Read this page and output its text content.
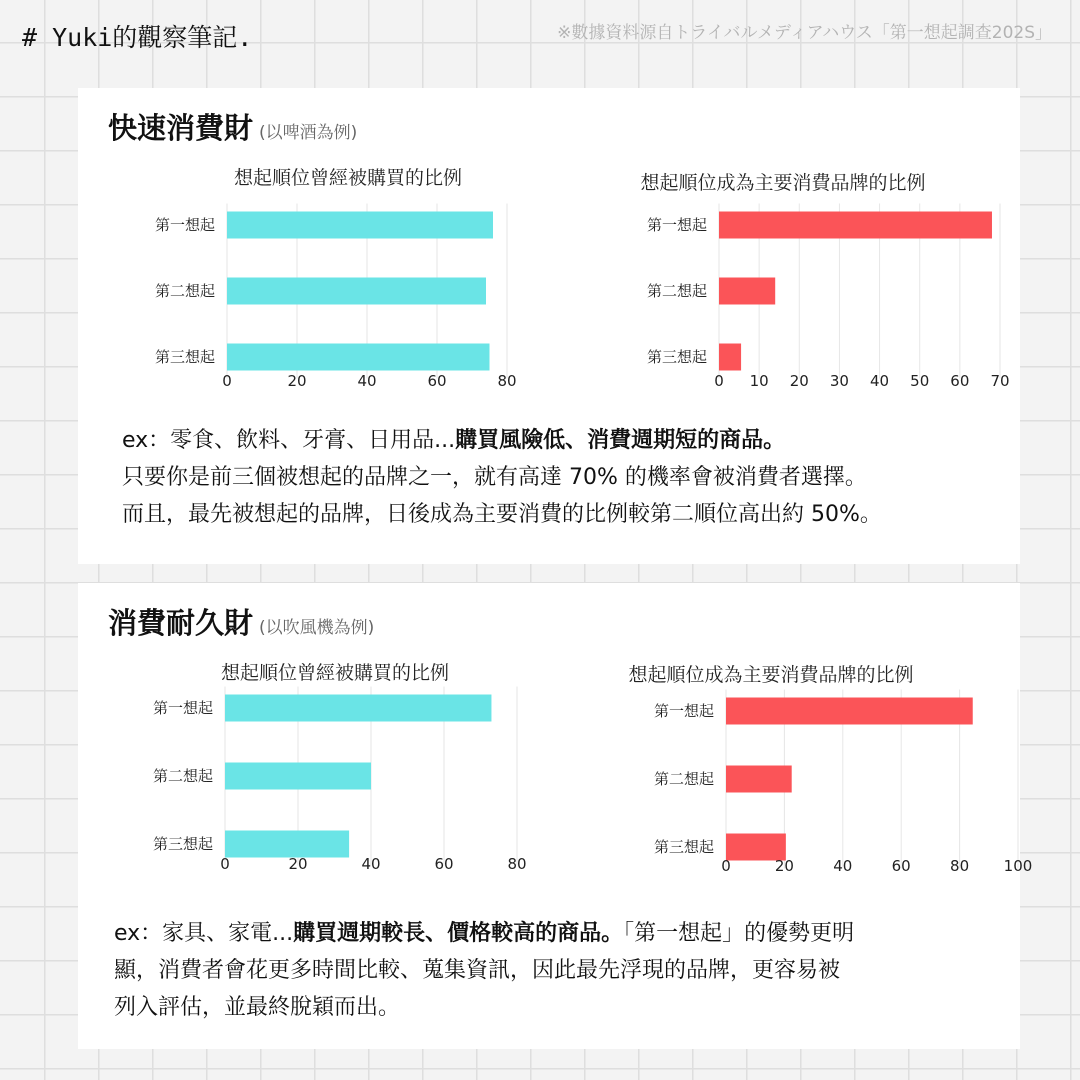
# Yuki的觀察筆記.	※數據資料源自トライバルメディアハウス「第一想起調查202S」
快速消費財 (以啤酒為例)
想起順位曾經被購買的比例
第一想起
第二想起
第三想起
0	20	40	60	80
想起順位成為主要消費品牌的比例
第一想起
第二想起
第三想起
0 10 20 30 40 50 60 70
ex：零食、飲料、牙膏、日用品...購買風險低、消費週期短的商品。
只要你是前三個被想起的品牌之一，就有高達 70% 的機率會被消費者選擇。
而且，最先被想起的品牌，日後成為主要消費的比例較第二順位高出約 50%。
消費耐久財 (以吹風機為例)
想起順位曾經被購買的比例
第一想起
第二想起
第三想起
0	20	40	60	80
想起順位成為主要消費品牌的比例
第一想起
第二想起
第三想起
0	20	40	60	80 100
ex：家具、家電...購買週期較長、價格較高的商品。「第一想起」的優勢更明
顯，消費者會花更多時間比較、蒐集資訊，因此最先浮現的品牌，更容易被
列入評估，並最終脫穎而出。
